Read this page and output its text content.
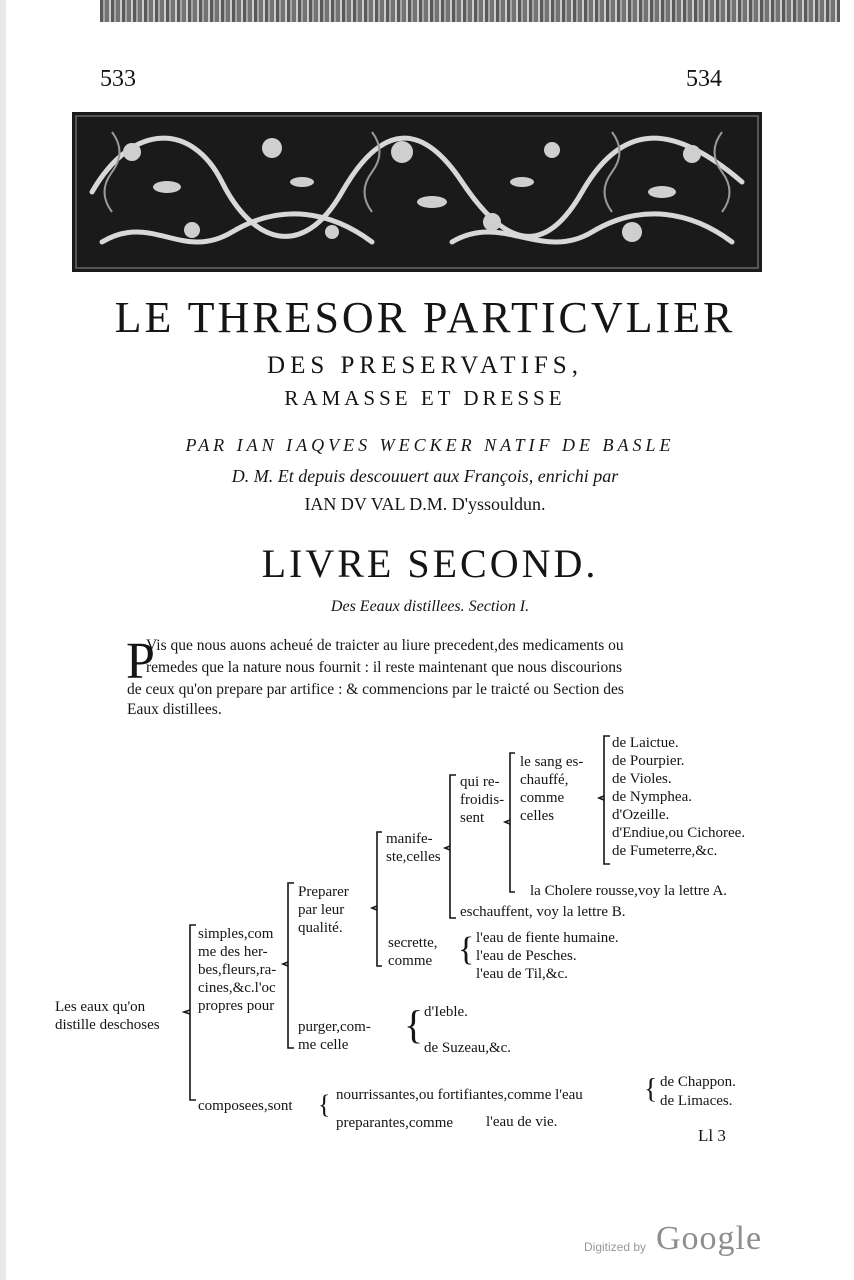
533	534
LE THRESOR PARTICVLIER
DES PRESERVATIFS,
RAMASSE ET DRESSE
PAR IAN IAQVES WECKER NATIF DE BASLE
D. M. Et depuis descouuert aux François, enrichi par
IAN DV VAL D.M. D'yssouldun.
LIVRE SECOND.
Des Eeaux distillees. Section I.
P
Vis que nous auons acheué de traicter au liure precedent,des medicaments ou
remedes que la nature nous fournit : il reste maintenant que nous discourions
de ceux qu'on prepare par artifice : & commencions par le traicté ou Section des
Eaux distillees.
Les eaux qu'on
distille deschoses
simples,com
me des her-
bes,fleurs,ra-
cines,&c.l'oc
propres pour
Preparer
par leur
qualité.
manife-
ste,celles
qui re-
froidis-
sent
le sang es-
chauffé,
comme
celles
de Laictue.
de Pourpier.
de Violes.
de Nymphea.
d'Ozeille.
d'Endiue,ou Cichoree.
de Fumeterre,&c.
la Cholere rousse,voy la lettre A.
eschauffent, voy la lettre B.
secrette,
comme { l'eau de fiente humaine.
l'eau de Pesches.
l'eau de Til,&c.
purger,com-
me celle	{ d'Ieble.
de Suzeau,&c.
composees,sont { nourrissantes,ou fortifiantes,comme l'eau { de Chappon.
de Limaces.
preparantes,comme l'eau de vie.
Ll 3
Digitized by Google
